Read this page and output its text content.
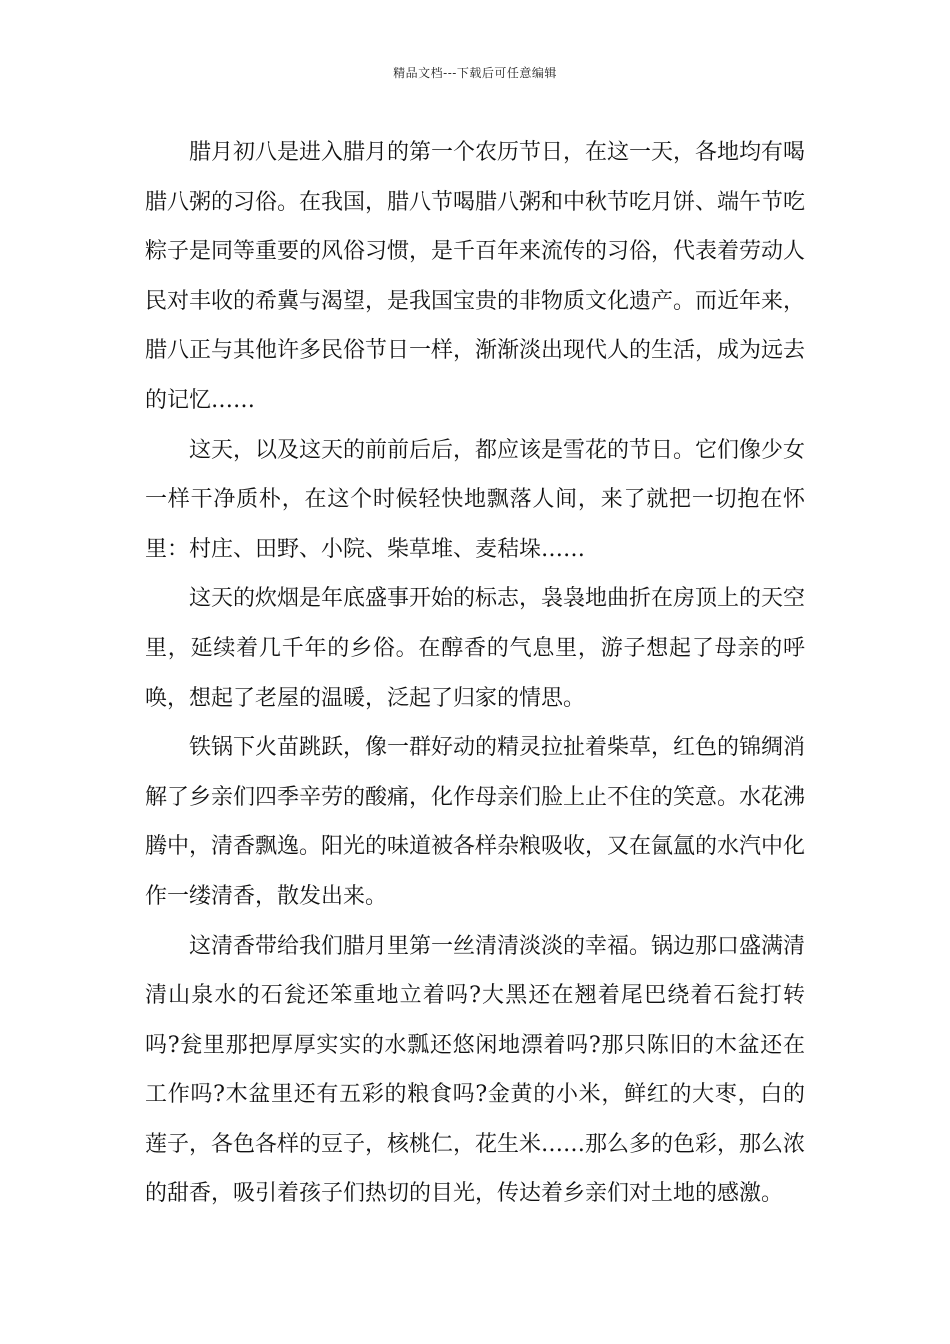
精品文档---下载后可任意编辑

腊月初八是进入腊月的第一个农历节日，在这一天，各地均有喝腊八粥的习俗。在我国，腊八节喝腊八粥和中秋节吃月饼、端午节吃粽子是同等重要的风俗习惯，是千百年来流传的习俗，代表着劳动人民对丰收的希冀与渴望，是我国宝贵的非物质文化遗产。而近年来，腊八正与其他许多民俗节日一样，渐渐淡出现代人的生活，成为远去的记忆……

这天，以及这天的前前后后，都应该是雪花的节日。它们像少女一样干净质朴，在这个时候轻快地飘落人间，来了就把一切抱在怀里：村庄、田野、小院、柴草堆、麦秸垛……

这天的炊烟是年底盛事开始的标志，袅袅地曲折在房顶上的天空里，延续着几千年的乡俗。在醇香的气息里，游子想起了母亲的呼唤，想起了老屋的温暖，泛起了归家的情思。

铁锅下火苗跳跃，像一群好动的精灵拉扯着柴草，红色的锦绸消解了乡亲们四季辛劳的酸痛，化作母亲们脸上止不住的笑意。水花沸腾中，清香飘逸。阳光的味道被各样杂粮吸收，又在氤氲的水汽中化作一缕清香，散发出来。

这清香带给我们腊月里第一丝清清淡淡的幸福。锅边那口盛满清清山泉水的石瓮还笨重地立着吗?大黑还在翘着尾巴绕着石瓮打转吗?瓮里那把厚厚实实的水瓢还悠闲地漂着吗?那只陈旧的木盆还在工作吗?木盆里还有五彩的粮食吗?金黄的小米，鲜红的大枣，白的莲子，各色各样的豆子，核桃仁，花生米……那么多的色彩，那么浓的甜香，吸引着孩子们热切的目光，传达着乡亲们对土地的感激。
